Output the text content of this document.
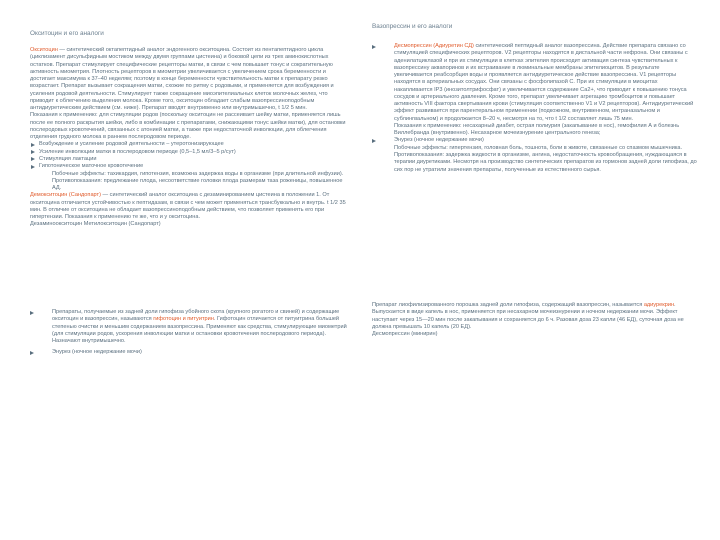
Окситоцин и его аналоги

Окситоцин — синтетический октапептидный аналог эндогенного окситоцина. Состоит из пентапептидного цикла (циклизамент дисульфидным мостиком между двумя группами цистеина) и боковой цепи из трех аминокислотных остатков. Препарат стимулирует специфические рецепторы матки, в связи с чем повышает тонус и сократительную активность миометрия. Плотность рецепторов в миометрии увеличивается с увеличением срока беременности и достигает максимума к 37–40 неделям; поэтому в конце беременности чувствительность матки к препарату резко возрастает. Препарат вызывает сокращения матки, схожие по ритму с родовыми, и применяется для возбуждения и усиления родовой деятельности. Стимулирует также сокращение миоэпителиальных клеток молочных желез, что приводит к облегчению выделения молока. Кроме того, окситоцин обладает слабым вазопрессиноподобным антидиуретическим действием (см. ниже). Препарат вводят внутривенно или внутримышечно, t 1/2 5 мин.

Показания к применению: для стимуляции родов (поскольку окситоцин не рассеивает шейку матки, применяется лишь после ее полного раскрытия шейки, либо в комбинации с препаратами, снижающими тонус шейки матки), для остановки послеродовых кровотечений, связанных с атонией матки, а также при недостаточной инволюции, для облегчения отделения грудного молока в раннем послеродовом периоде.

Возбуждение и усиление родовой деятельности – утеротонизирующее
Усиление инволюции матки в послеродовом периоде (0,5–1,5 мл/3–5 р/сут)
Стимуляция лактации
Гипотоническое маточное кровотечение

Побочные эффекты: тахикардия, гипотензия, возможна задержка воды в организме (при длительной инфузии).

Противопоказания: предлежание плода, несоответствие головки плода размерам таза роженицы, повышенное АД.

Демокситоцин (Сандопарт) — синтетический аналог окситоцина с дезаминированием цистеина в положении 1. От окситоцина отличается устойчивостью к пептидазам, в связи с чем может применяться трансбуккально и внутрь. t 1/2 35 мин. В отличие от окситоцина не обладает вазопрессиноподобным действием, что позволяет применять его при гипертензии. Показания к применению те же, что и у окситоцина.

Дезаминоокситоцин Метилокситоцин (Сандопарт)

Препараты, получаемые из задней доли гипофиза убойного скота (крупного рогатого и свиней) и содержащие окситоцин и вазопрессин, называются гифотоцин и питуитрин. Гифотоцин отличается от питуитрина большей степенью очистки и меньшим содержанием вазопрессина. Применяют как средства, стимулирующие миометрий (для стимуляции родов, ускорения инволюции матки и остановки кровотечения послеродового периода).
Назначают внутримышечно.
Энурез (ночное недержание мочи)
Вазопрессин и его аналоги
Десмопрессин (Адиуретин СД) синтетический пептидный аналог вазопрессина. Действие препарата связано со стимуляцией специфических рецепторов. V2 рецепторы находятся в дистальной части нефрона. Они связаны с аденилатциклазой и при их стимуляции в клетках эпителия происходит активация синтеза чувствительных к вазопрессину аквапоринов и их встраивание в люминальные мембраны эпителиоцитов. В результате увеличивается реабсорбция воды и проявляется антидиуретическое действие вазопрессина. V1 рецепторы находятся в артериальных сосудах. Они связаны с фосфолипазой С. При их стимуляции в миоцитах накапливается IP3 (инозитолтрифосфат) и увеличивается содержание Са2+, что приводит к повышению тонуса сосудов и артериального давления. Кроме того, препарат увеличивает агрегацию тромбоцитов и повышает активность VIII фактора свертывания крови (стимуляция соответственно V1 и V2 рецепторов). Антидиуретический эффект развивается при парентеральном применении (подкожном, внутривенном, интраназальном и сублингвальном) и продолжается 8–20 ч, несмотря на то, что t 1/2 составляет лишь 75 мин.
Показания к применению: несахарный диабет, острая полиурия (закапывание в нос), гемофилия А и болезнь Виллебранда (внутривенно). Несахарное мочеизнурение центрального генеза;
Энурез (ночное недержание мочи)
Побочные эффекты: гипертензия, головная боль, тошнота, боли в животе, связанные со спазмом мышечника.
Противопоказания: задержка жидкости в организме, ангина, недостаточность кровообращения, нуждающаяся в терапии диуретиками. Несмотря на производство синтетических препаратов из гормонов задней доли гипофиза, до сих пор не утратили значения препараты, полученные из естественного сырья.

Препарат лиофилизированного порошка задней доли гипофиза, содержащий вазопрессин, называется адиурекрин. Выпускается в виде капель в нос, применяется при несахарном мочеизнурении и ночном недержании мочи. Эффект наступает через 15—20 мин после закапывания и сохраняется до 6 ч. Разовая доза 23 капли (46 ЕД), суточная доза не должна превышать 10 капель (20 ЕД).

Десмопрессин (минирин)
